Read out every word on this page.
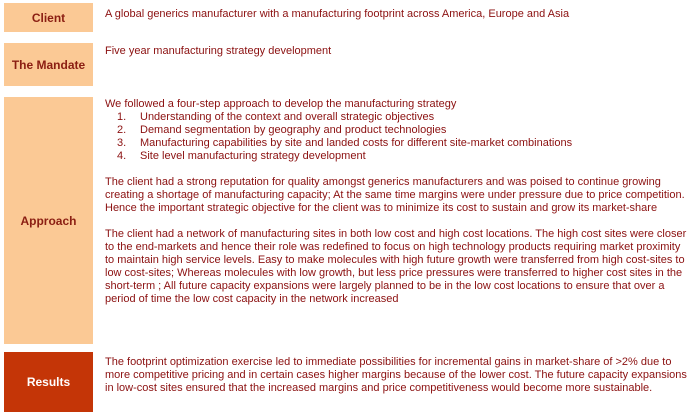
Client	A global generics manufacturer with a manufacturing footprint across America, Europe and Asia

The Mandate

Five year manufacturing strategy development

Approach

We followed a four-step approach to develop the manufacturing strategy

1. Understanding of the context and overall strategic objectives
2. Demand segmentation by geography and product technologies
3. Manufacturing capabilities by site and landed costs for different site-market combinations
4. Site level manufacturing strategy development

The client had a strong reputation for quality amongst generics manufacturers and was poised to continue growing creating a shortage of manufacturing capacity; At the same time margins were under pressure due to price competition. Hence the important strategic objective for the client was to minimize its cost to sustain and grow its market-share

The client had a network of manufacturing sites in both low cost and high cost locations. The high cost sites were closer to the end-markets and hence their role was redefined to focus on high technology products requiring market proximity to maintain high service levels. Easy to make molecules with high future growth were transferred from high cost-sites to low cost-sites; Whereas molecules with low growth, but less price pressures were transferred to higher cost sites in the short-term ; All future capacity expansions were largely planned to be in the low cost locations to ensure that over a period of time the low cost capacity in the network increased

Results

The footprint optimization exercise led to immediate possibilities for incremental gains in market-share of >2% due to more competitive pricing and in certain cases higher margins because of the lower cost. The future capacity expansions in low-cost sites ensured that the increased margins and price competitiveness would become more sustainable.
